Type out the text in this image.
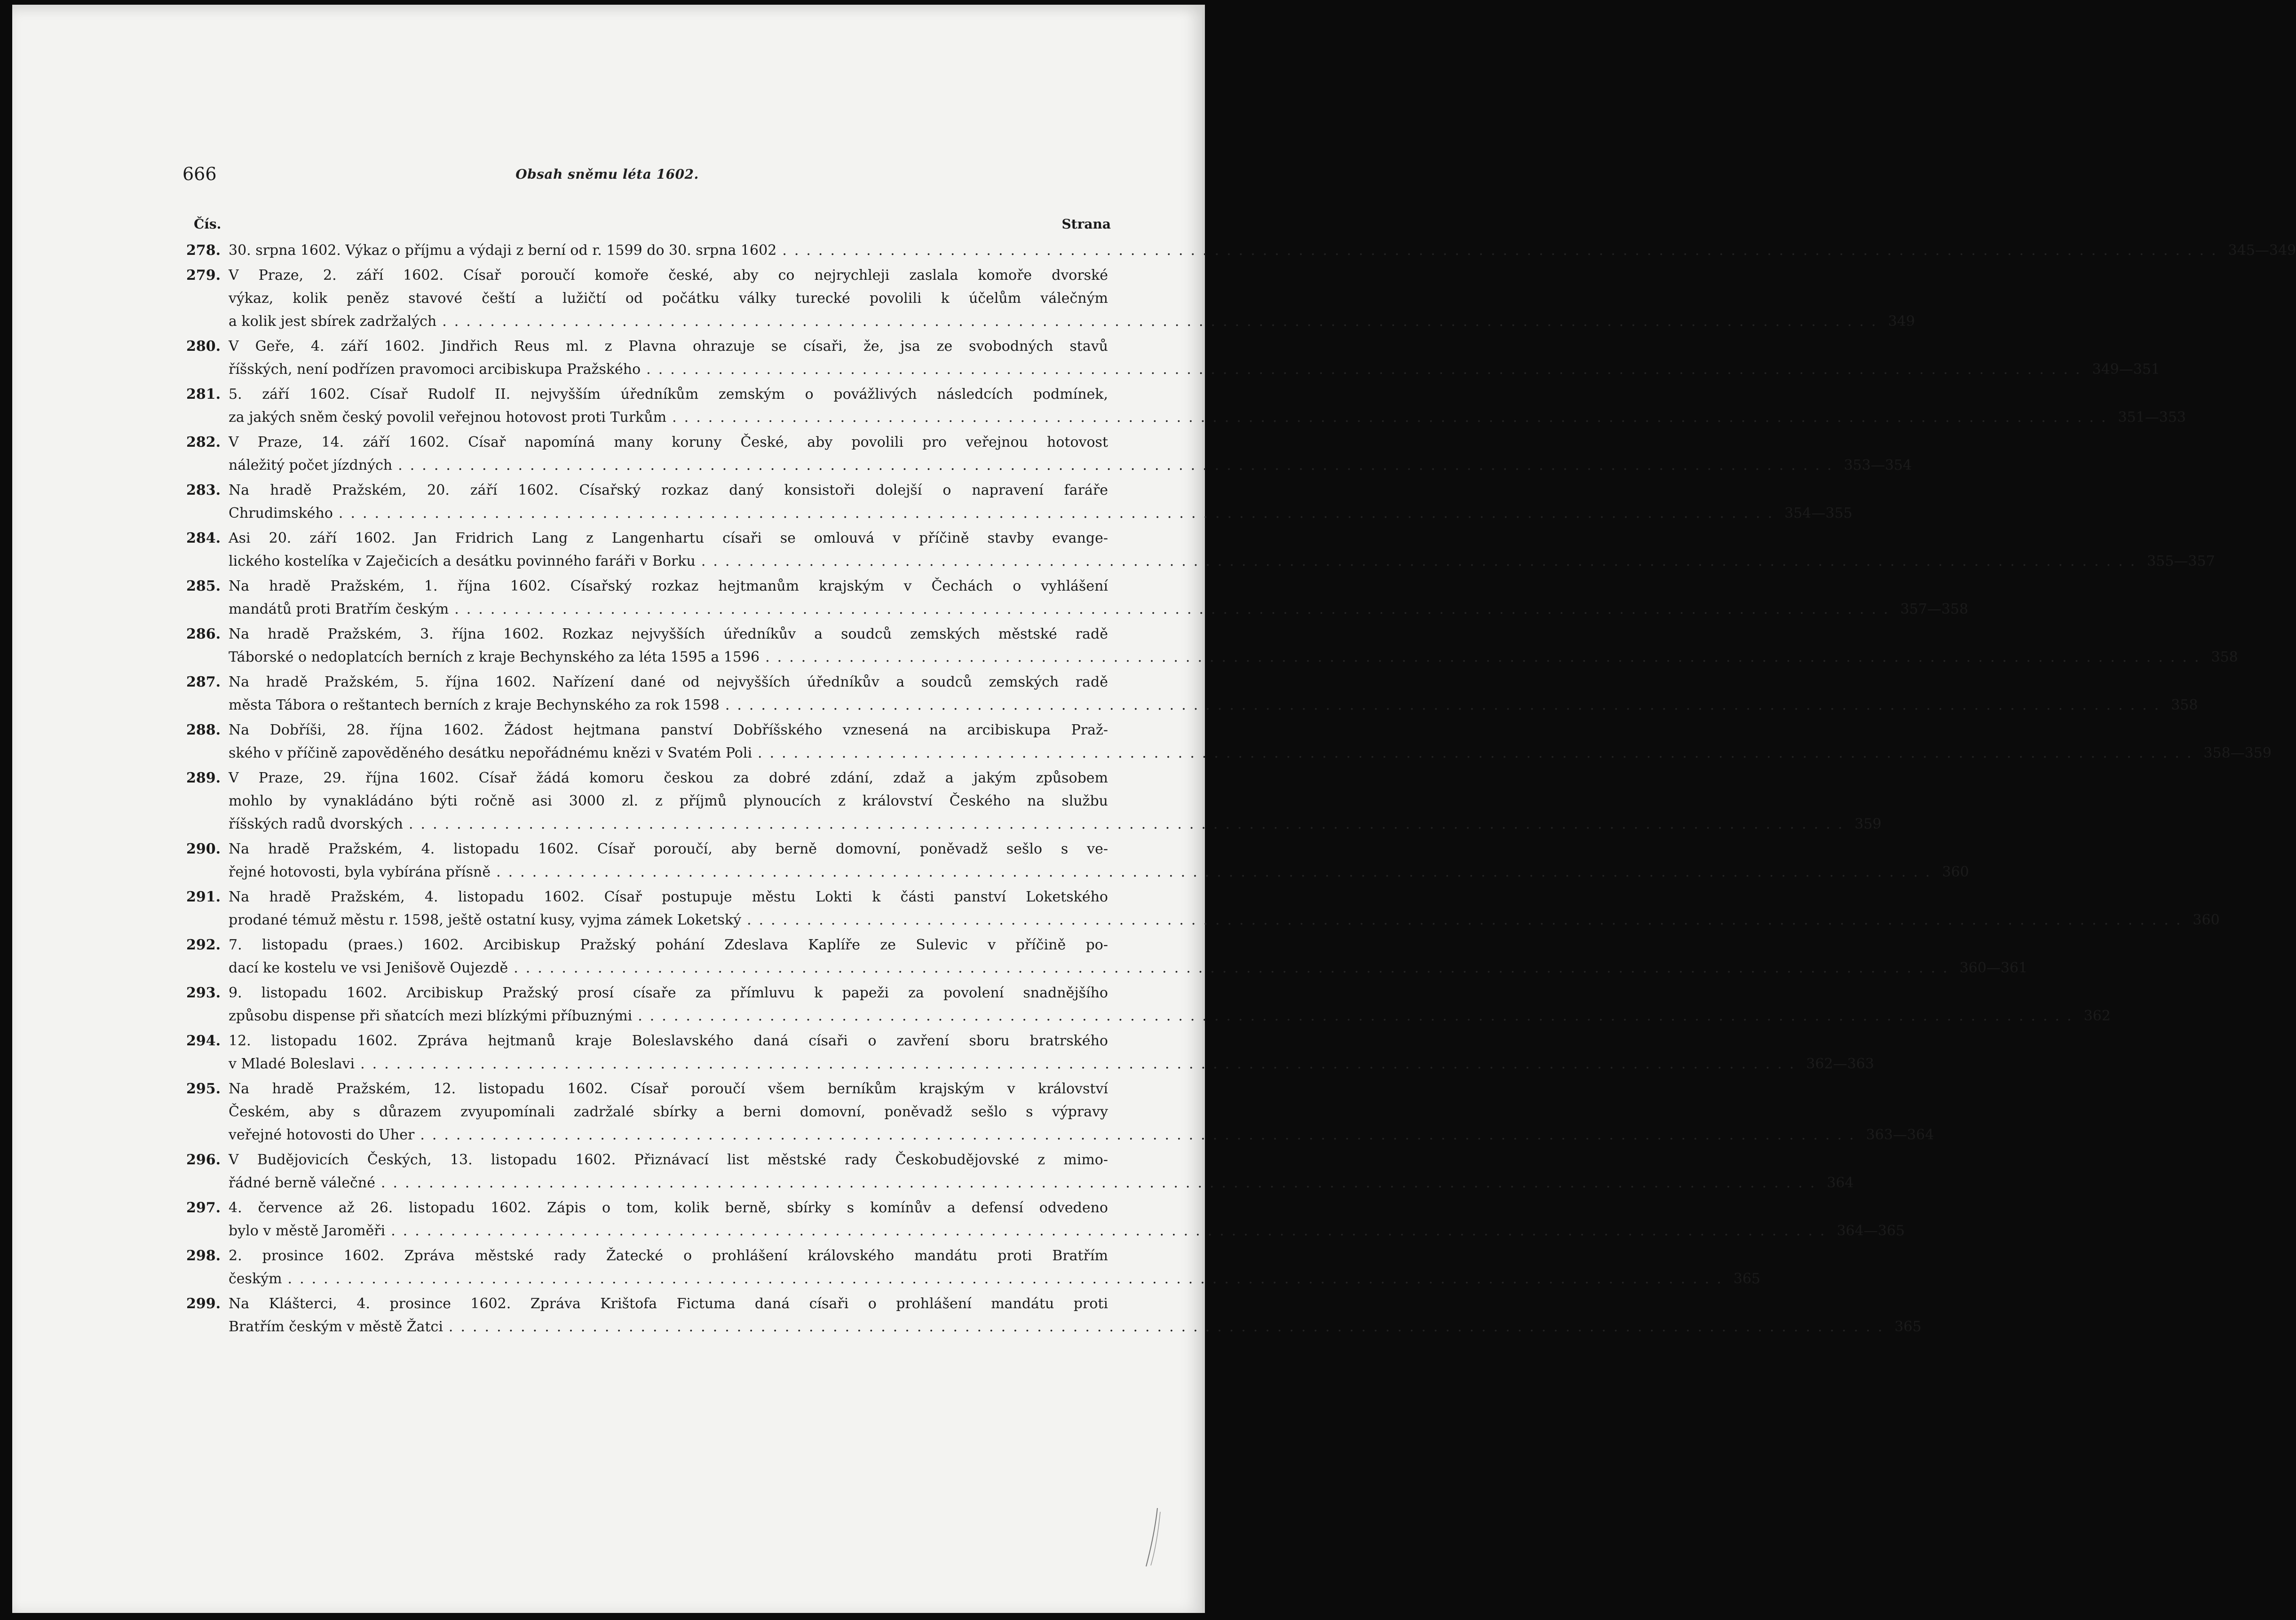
666	Obsah sněmu léta 1602.
Čís.	Strana
278. 30. srpna 1602. Výkaz o příjmu a výdaji z berní od r. 1599 do 30. srpna 1602 ........................................................................................................................ 345—349
279. V Praze, 2. září 1602. Císař poroučí komoře české, aby co nejrychleji zaslala komoře dvorské
výkaz, kolik peněz stavové čeští a lužičtí od počátku války turecké povolili k účelům válečným
a kolik jest sbírek zadržalých ........................................................................................................................ 349
280. V Geře, 4. září 1602. Jindřich Reus ml. z Plavna ohrazuje se císaři, že, jsa ze svobodných stavů
říšských, není podřízen pravomoci arcibiskupa Pražského ........................................................................................................................ 349—351
281. 5. září 1602. Císař Rudolf II. nejvyšším úředníkům zemským o povážlivých následcích podmínek,
za jakých sněm český povolil veřejnou hotovost proti Turkům ........................................................................................................................ 351—353
282. V Praze, 14. září 1602. Císař napomíná many koruny České, aby povolili pro veřejnou hotovost
náležitý počet jízdných ........................................................................................................................ 353—354
283. Na hradě Pražském, 20. září 1602. Císařský rozkaz daný konsistoři dolejší o napravení faráře
Chrudimského ........................................................................................................................ 354—355
284. Asi 20. září 1602. Jan Fridrich Lang z Langenhartu císaři se omlouvá v příčině stavby evange-
lického kostelíka v Zaječicích a desátku povinného faráři v Borku ........................................................................................................................ 355—357
285. Na hradě Pražském, 1. října 1602. Císařský rozkaz hejtmanům krajským v Čechách o vyhlášení
mandátů proti Bratřím českým ........................................................................................................................ 357—358
286. Na hradě Pražském, 3. října 1602. Rozkaz nejvyšších úředníkův a soudců zemských městské radě
Táborské o nedoplatcích berních z kraje Bechynského za léta 1595 a 1596 ........................................................................................................................ 358
287. Na hradě Pražském, 5. října 1602. Nařízení dané od nejvyšších úředníkův a soudců zemských radě
města Tábora o reštantech berních z kraje Bechynského za rok 1598 ........................................................................................................................ 358
288. Na Dobříši, 28. října 1602. Žádost hejtmana panství Dobříšského vznesená na arcibiskupa Praž-
ského v příčině zapověděného desátku nepořádnému knězi v Svatém Poli ........................................................................................................................ 358—359
289. V Praze, 29. října 1602. Císař žádá komoru českou za dobré zdání, zdaž a jakým způsobem
mohlo by vynakládáno býti ročně asi 3000 zl. z příjmů plynoucích z království Českého na službu
říšských radů dvorských ........................................................................................................................ 359
290. Na hradě Pražském, 4. listopadu 1602. Císař poroučí, aby berně domovní, poněvadž sešlo s ve-
řejné hotovosti, byla vybírána přísně ........................................................................................................................ 360
291. Na hradě Pražském, 4. listopadu 1602. Císař postupuje městu Lokti k části panství Loketského
prodané témuž městu r. 1598, ještě ostatní kusy, vyjma zámek Loketský ........................................................................................................................ 360
292. 7. listopadu (praes.) 1602. Arcibiskup Pražský pohání Zdeslava Kaplíře ze Sulevic v příčině po-
dací ke kostelu ve vsi Jenišově Oujezdě ........................................................................................................................ 360—361
293. 9. listopadu 1602. Arcibiskup Pražský prosí císaře za přímluvu k papeži za povolení snadnějšího
způsobu dispense při sňatcích mezi blízkými příbuznými ........................................................................................................................ 362
294. 12. listopadu 1602. Zpráva hejtmanů kraje Boleslavského daná císaři o zavření sboru bratrského
v Mladé Boleslavi ........................................................................................................................ 362—363
295. Na hradě Pražském, 12. listopadu 1602. Císař poroučí všem berníkům krajským v království
Českém, aby s důrazem zvyupomínali zadržalé sbírky a berni domovní, poněvadž sešlo s výpravy
veřejné hotovosti do Uher ........................................................................................................................ 363—364
296. V Budějovicích Českých, 13. listopadu 1602. Přiznávací list městské rady Českobudějovské z mimo-
řádné berně válečné ........................................................................................................................ 364
297. 4. července až 26. listopadu 1602. Zápis o tom, kolik berně, sbírky s komínův a defensí odvedeno
bylo v městě Jaroměři ........................................................................................................................ 364—365
298. 2. prosince 1602. Zpráva městské rady Žatecké o prohlášení královského mandátu proti Bratřím
českým ........................................................................................................................ 365
299. Na Klášterci, 4. prosince 1602. Zpráva Krištofa Fictuma daná císaři o prohlášení mandátu proti
Bratřím českým v městě Žatci ........................................................................................................................ 365
